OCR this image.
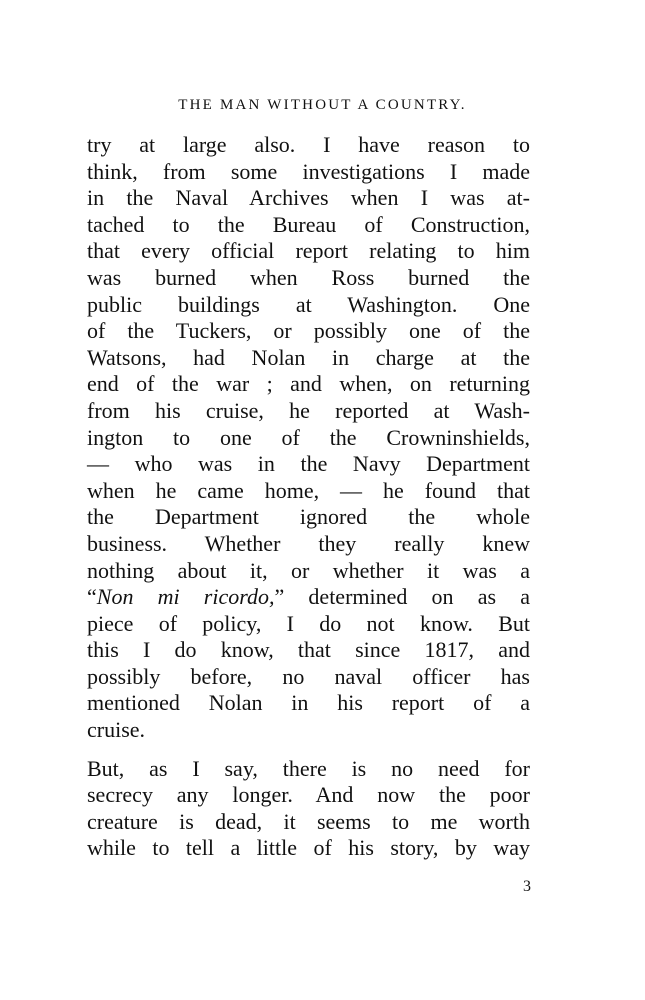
THE MAN WITHOUT A COUNTRY.
try at large also. I have reason to
think, from some investigations I made
in the Naval Archives when I was at-
tached to the Bureau of Construction,
that every official report relating to him
was burned when Ross burned the
public buildings at Washington. One
of the Tuckers, or possibly one of the
Watsons, had Nolan in charge at the
end of the war ; and when, on returning
from his cruise, he reported at Wash-
ington to one of the Crowninshields,
— who was in the Navy Department
when he came home, — he found that
the Department ignored the whole
business. Whether they really knew
nothing about it, or whether it was a
“Non mi ricordo,” determined on as a
piece of policy, I do not know. But
this I do know, that since 1817, and
possibly before, no naval officer has
mentioned Nolan in his report of a
cruise.
But, as I say, there is no need for
secrecy any longer. And now the poor
creature is dead, it seems to me worth
while to tell a little of his story, by way
3
